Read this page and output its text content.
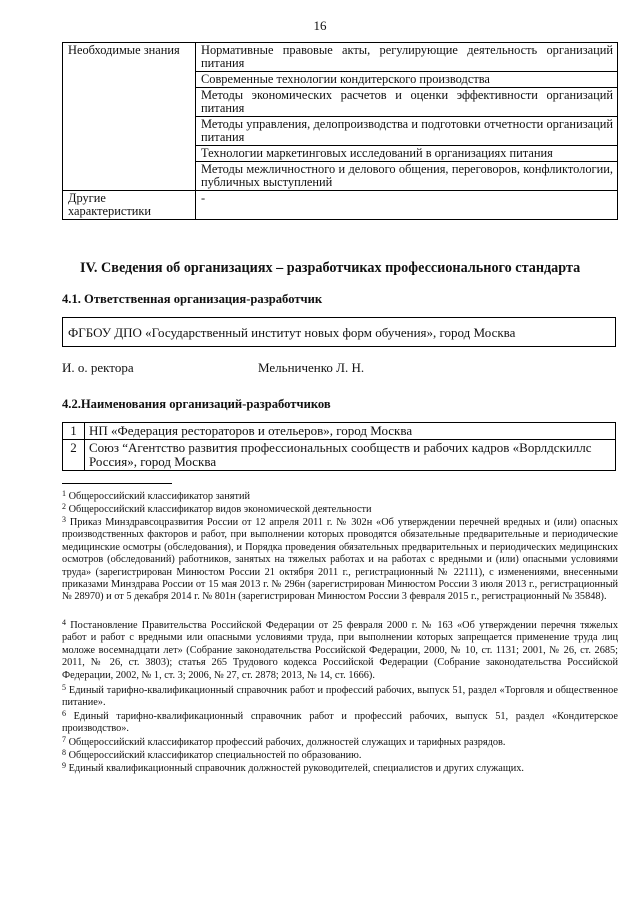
16
Необходимые знания	Нормативные правовые акты, регулирующие деятельность организаций питания
	Современные технологии кондитерского производства
	Методы экономических расчетов и оценки эффективности организаций питания
	Методы управления, делопроизводства и подготовки отчетности организаций питания
	Технологии маркетинговых исследований в организациях питания
	Методы межличностного и делового общения, переговоров, конфликтологии, публичных выступлений
Другие характеристики	-
IV. Сведения об организациях – разработчиках профессионального стандарта
4.1. Ответственная организация-разработчик
ФГБОУ ДПО «Государственный институт новых форм обучения», город Москва
И. о. ректора	Мельниченко Л. Н.
4.2.Наименования организаций-разработчиков
1	НП «Федерация рестораторов и отельеров», город Москва
2	Союз “Агентство развития профессиональных сообществ и рабочих кадров «Ворлдскиллс Россия», город Москва
$^1$ Общероссийский классификатор занятий
$^2$ Общероссийский классификатор видов экономической деятельности
$^3$ Приказ Минздравсоцразвития России от 12 апреля 2011 г. № 302н «Об утверждении перечней вредных и (или) опасных производственных факторов и работ, при выполнении которых проводятся обязательные предварительные и периодические медицинские осмотры (обследования), и Порядка проведения обязательных предварительных и периодических медицинских осмотров (обследований) работников, занятых на тяжелых работах и на работах с вредными и (или) опасными условиями труда» (зарегистрирован Минюстом России 21 октября 2011 г., регистрационный № 22111), с изменениями, внесенными приказами Минздрава России от 15 мая 2013 г. № 296н (зарегистрирован Минюстом России 3 июля 2013 г., регистрационный № 28970) и от 5 декабря 2014 г. № 801н (зарегистрирован Минюстом России 3 февраля 2015 г., регистрационный № 35848).
$^4$ Постановление Правительства Российской Федерации от 25 февраля 2000 г. № 163 «Об утверждении перечня тяжелых работ и работ с вредными или опасными условиями труда, при выполнении которых запрещается применение труда лиц моложе восемнадцати лет» (Собрание законодательства Российской Федерации, 2000, № 10, ст. 1131; 2001, № 26, ст. 2685; 2011, № 26, ст. 3803); статья 265 Трудового кодекса Российской Федерации (Собрание законодательства Российской Федерации, 2002, № 1, ст. 3; 2006, № 27, ст. 2878; 2013, № 14, ст. 1666).
$^5$ Единый тарифно-квалификационный справочник работ и профессий рабочих, выпуск 51, раздел «Торговля и общественное питание».
$^6$ Единый тарифно-квалификационный справочник работ и профессий рабочих, выпуск 51, раздел «Кондитерское производство».
$^7$ Общероссийский классификатор профессий рабочих, должностей служащих и тарифных разрядов.
$^8$ Общероссийский классификатор специальностей по образованию.
$^9$ Единый квалификационный справочник должностей руководителей, специалистов и других служащих.
